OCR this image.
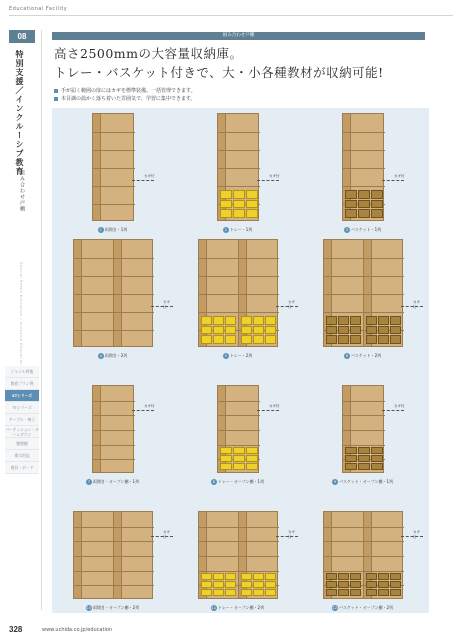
Educational Facility
08
特別支援／インクルーシブ教育
組み合わせ戸棚
Special Needs Education / Inclusive Education
ジャンル特集
教育プラン例
STシリーズ
TTシリーズ
テーブル・椅子
パーティション・カームダウン
整理棚
掲示用品
遊具・ボード
組み合わせ戸棚
高さ2500mmの大容量収納庫。
トレー・バスケット付きで、大・小各種教材が収納可能!
手が届く範囲の扉にはカギを標準装備。一括管理できます。
木目調の温かく落ち着いた雰囲気で、学習に集中できます。
カギ付
1 両開き・1列
カギ付
2 トレー・1列
カギ付
3 バスケット・1列
カギ付
4 両開き・2列
カギ付
5 トレー・2列
カギ付
6 バスケット・2列
カギ付
7 両開き・オープン棚・1列
カギ付
8 トレー・オープン棚・1列
カギ付
9 バスケット・オープン棚・1列
カギ付
10 両開き・オープン棚・2列
カギ付
11 トレー・オープン棚・2列
カギ付
12 バスケット・オープン棚・2列
328	www.uchida.co.jp/education
